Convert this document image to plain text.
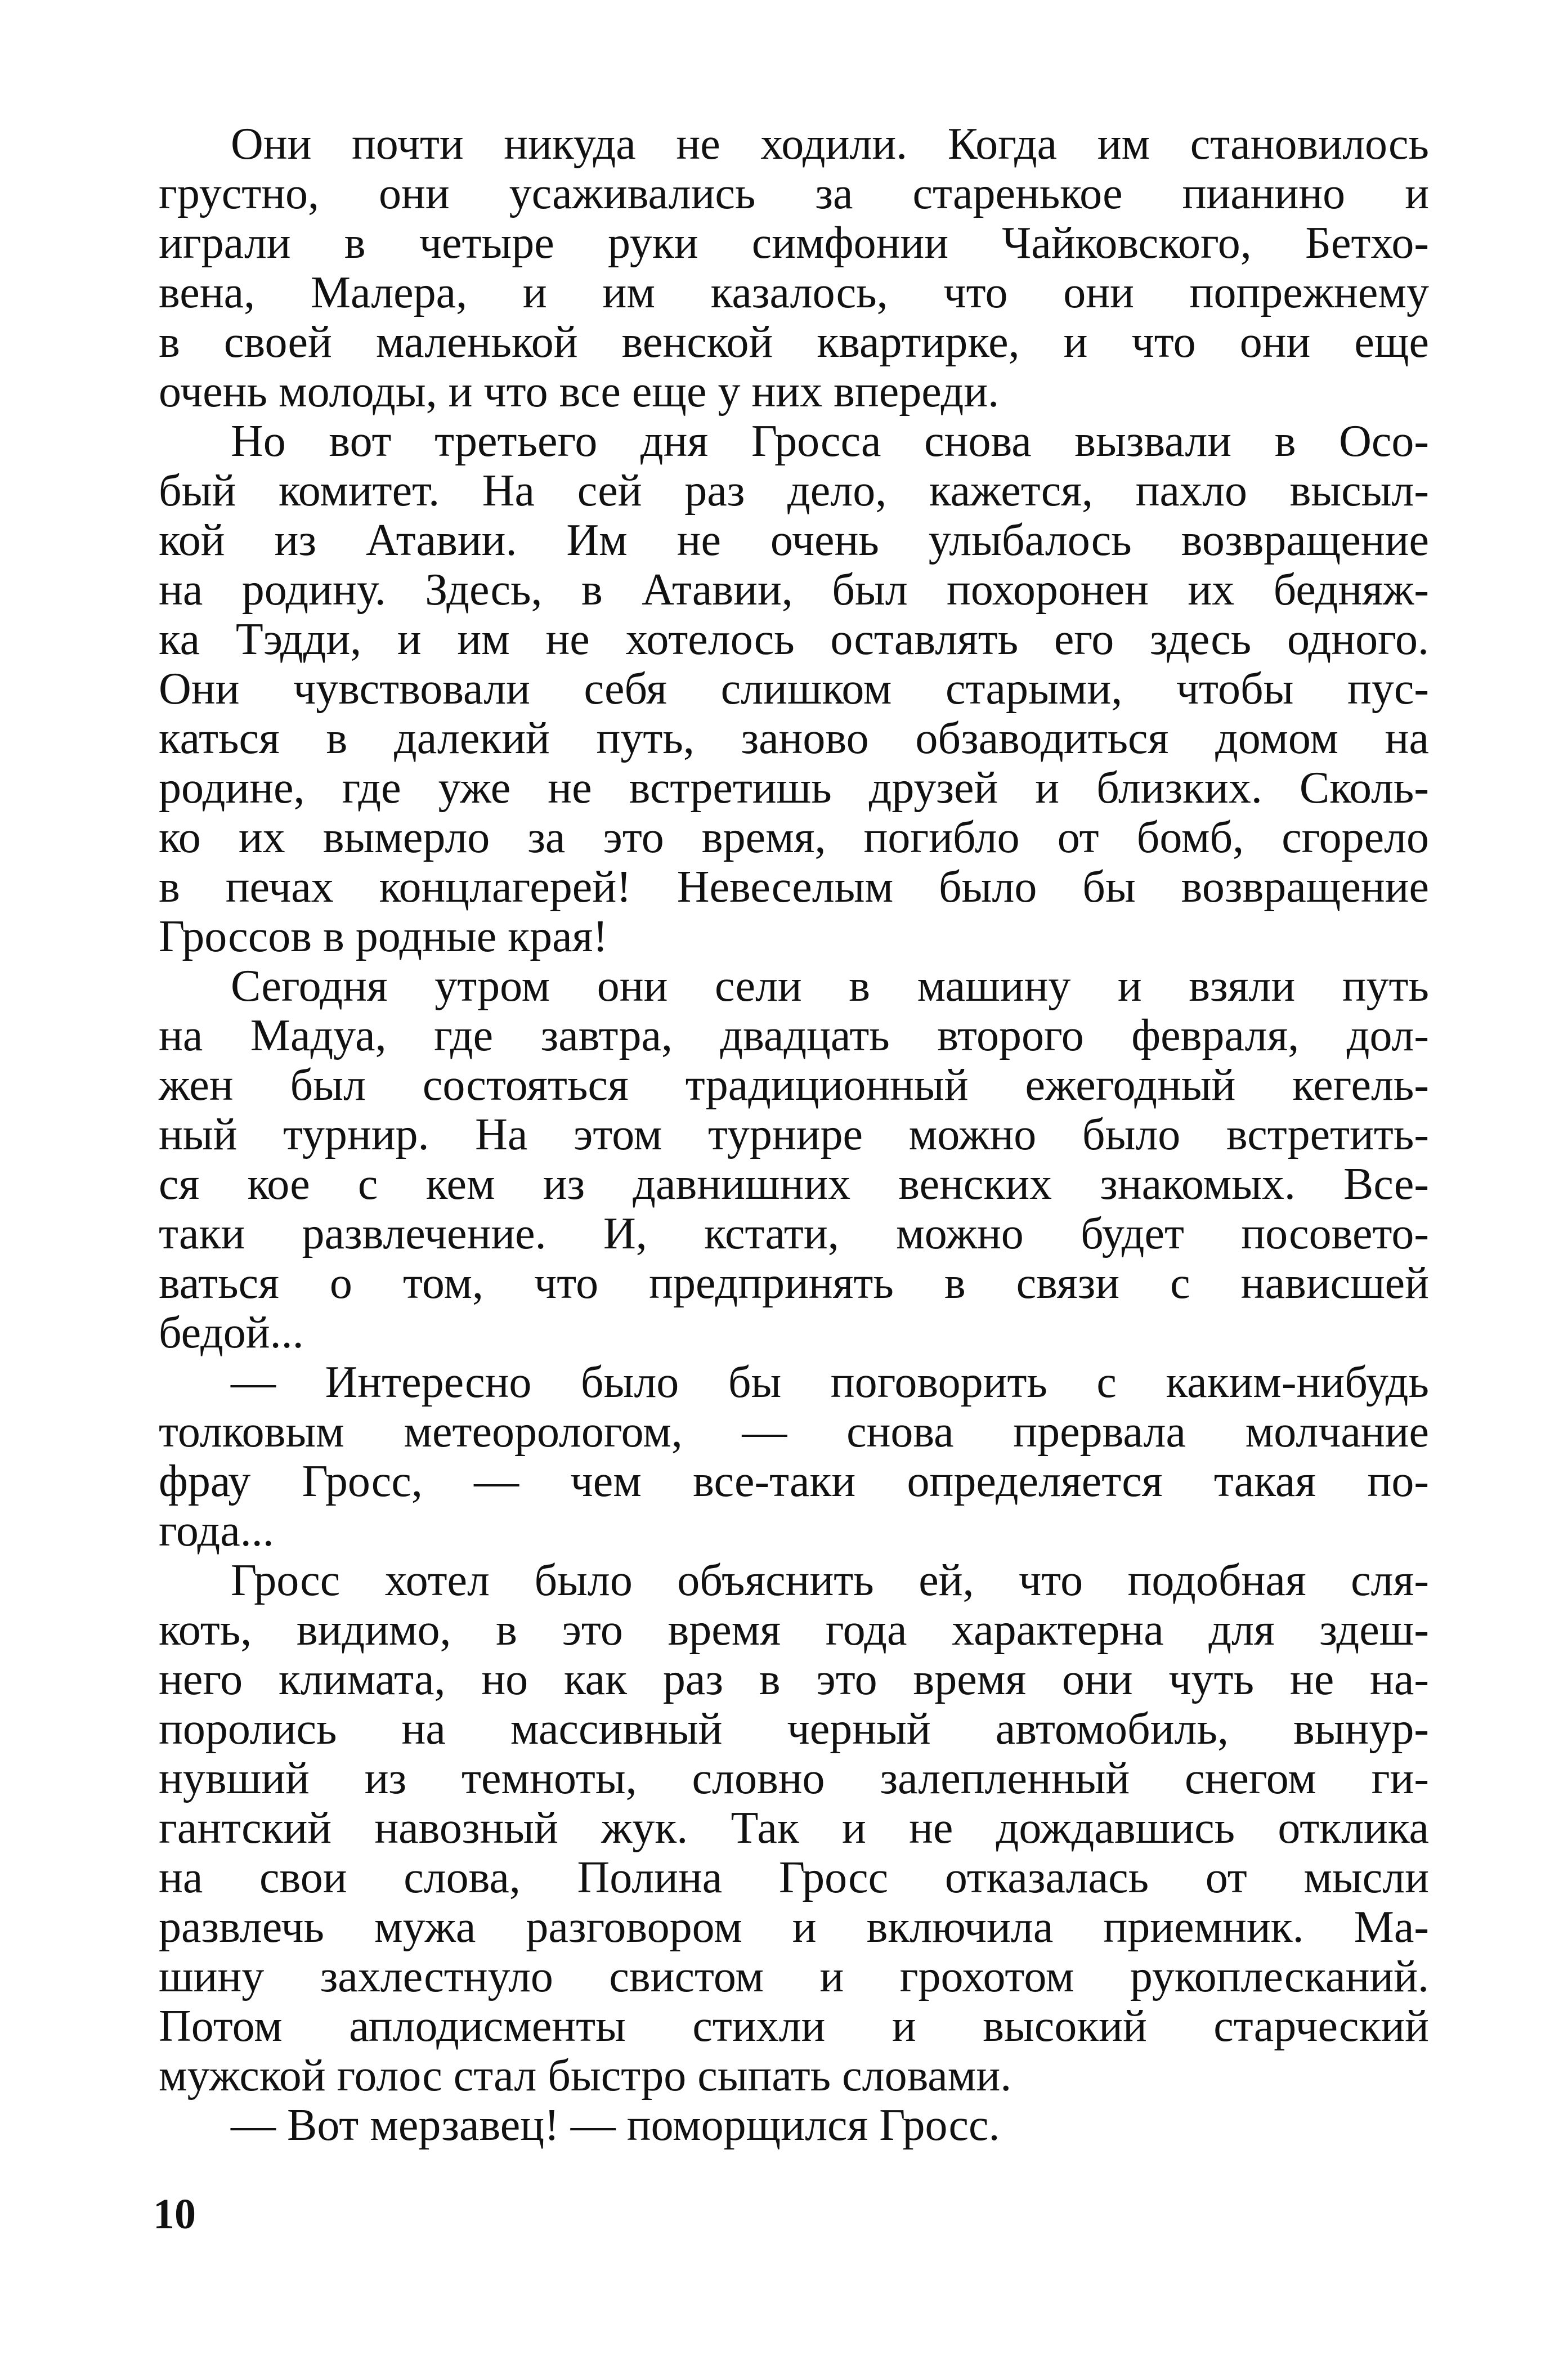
Они почти никуда не ходили. Когда им становилось
грустно, они усаживались за старенькое пианино и
играли в четыре руки симфонии Чайковского, Бетхо-
вена, Малера, и им казалось, что они попрежнему
в своей маленькой венской квартирке, и что они еще
очень молоды, и что все еще у них впереди.
Но вот третьего дня Гросса снова вызвали в Осо-
бый комитет. На сей раз дело, кажется, пахло высыл-
кой из Атавии. Им не очень улыбалось возвращение
на родину. Здесь, в Атавии, был похоронен их бедняж-
ка Тэдди, и им не хотелось оставлять его здесь одного.
Они чувствовали себя слишком старыми, чтобы пус-
каться в далекий путь, заново обзаводиться домом на
родине, где уже не встретишь друзей и близких. Сколь-
ко их вымерло за это время, погибло от бомб, сгорело
в печах концлагерей! Невеселым было бы возвращение
Гроссов в родные края!
Сегодня утром они сели в машину и взяли путь
на Мадуа, где завтра, двадцать второго февраля, дол-
жен был состояться традиционный ежегодный кегель-
ный турнир. На этом турнире можно было встретить-
ся кое с кем из давнишних венских знакомых. Все-
таки развлечение. И, кстати, можно будет посовето-
ваться о том, что предпринять в связи с нависшей
бедой...
— Интересно было бы поговорить с каким-нибудь
толковым метеорологом, — снова прервала молчание
фрау Гросс, — чем все-таки определяется такая по-
года...
Гросс хотел было объяснить ей, что подобная сля-
коть, видимо, в это время года характерна для здеш-
него климата, но как раз в это время они чуть не на-
поролись на массивный черный автомобиль, вынyр-
нувший из темноты, словно залепленный снегом ги-
гантский навозный жук. Так и не дождавшись отклика
на свои слова, Полина Гросс отказалась от мысли
развлечь мужа разговором и включила приемник. Ма-
шину захлестнуло свистом и грохотом рукоплесканий.
Потом аплодисменты стихли и высокий старческий
мужской голос стал быстро сыпать словами.
— Вот мерзавец! — поморщился Гросс.
10
